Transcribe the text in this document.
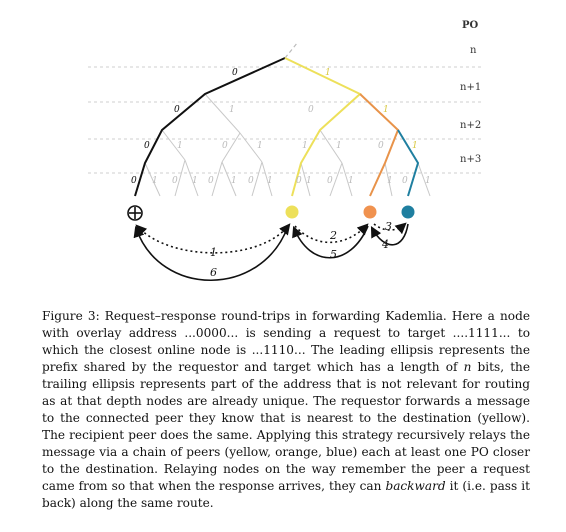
PO
n
n+1
n+2
n+3
0
0
0
0
1
1
1
1
1	1
1 0 1 0 1 0 1
0	1
0
1
0 1 0 1
0
1 0 1
1
2
3
4
5
6

Figure 3: Request–response round-trips in forwarding Kademlia. Here a node with overlay address ...0000... is sending a request to target ....1111... to which the closest online node is ...1110... The leading ellipsis represents the prefix shared by the requestor and target which has a length of n bits, the trailing ellipsis represents part of the address that is not relevant for routing as at that depth nodes are already unique. The requestor forwards a message to the connected peer they know that is nearest to the destination (yellow). The recipient peer does the same. Applying this strategy recursively relays the message via a chain of peers (yellow, orange, blue) each at least one PO closer to the destination. Relaying nodes on the way remember the peer a request came from so that when the response arrives, they can backward it (i.e. pass it back) along the same route.
